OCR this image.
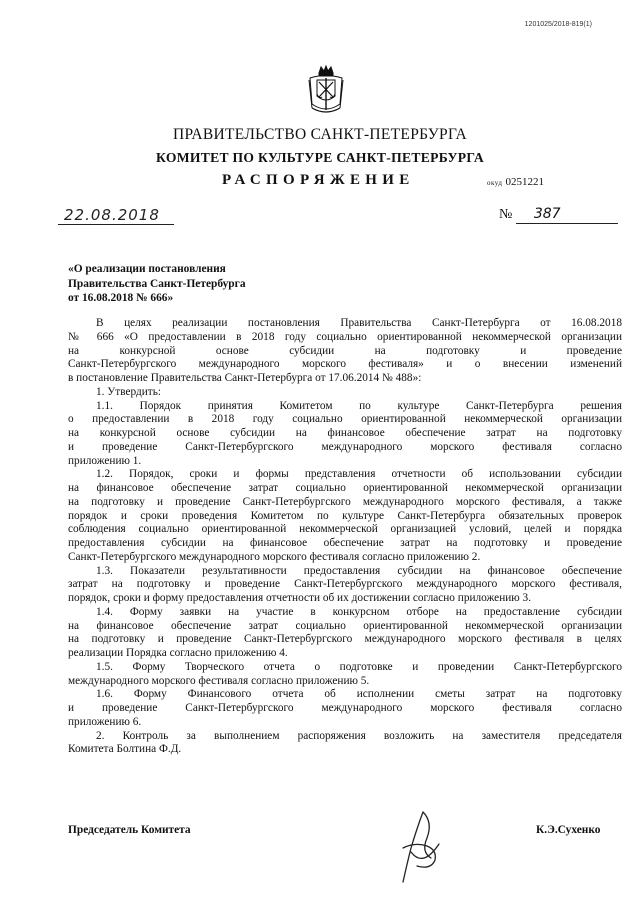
1201025/2018-819(1)
ПРАВИТЕЛЬСТВО САНКТ-ПЕТЕРБУРГА
КОМИТЕТ ПО КУЛЬТУРЕ САНКТ-ПЕТЕРБУРГА
РАСПОРЯЖЕНИЕ	окуд 0251221
22.08.2018	№ 387
«О реализации постановления
Правительства Санкт-Петербурга
от 16.08.2018 № 666»
В целях реализации постановления Правительства Санкт-Петербурга от 16.08.2018
№ 666 «О предоставлении в 2018 году социально ориентированной некоммерческой организации
на конкурсной основе субсидии на подготовку и проведение
Санкт-Петербургского международного морского фестиваля» и о внесении изменений
в постановление Правительства Санкт-Петербурга от 17.06.2014 № 488»:
1. Утвердить:
1.1. Порядок принятия Комитетом по культуре Санкт-Петербурга решения
о предоставлении в 2018 году социально ориентированной некоммерческой организации
на конкурсной основе субсидии на финансовое обеспечение затрат на подготовку
и проведение Санкт-Петербургского международного морского фестиваля согласно
приложению 1.
1.2. Порядок, сроки и формы представления отчетности об использовании субсидии
на финансовое обеспечение затрат социально ориентированной некоммерческой организации
на подготовку и проведение Санкт-Петербургского международного морского фестиваля, а также
порядок и сроки проведения Комитетом по культуре Санкт-Петербурга обязательных проверок
соблюдения социально ориентированной некоммерческой организацией условий, целей и порядка
предоставления субсидии на финансовое обеспечение затрат на подготовку и проведение
Санкт-Петербургского международного морского фестиваля согласно приложению 2.
1.3. Показатели результативности предоставления субсидии на финансовое обеспечение
затрат на подготовку и проведение Санкт-Петербургского международного морского фестиваля,
порядок, сроки и форму предоставления отчетности об их достижении согласно приложению 3.
1.4. Форму заявки на участие в конкурсном отборе на предоставление субсидии
на финансовое обеспечение затрат социально ориентированной некоммерческой организации
на подготовку и проведение Санкт-Петербургского международного морского фестиваля в целях
реализации Порядка согласно приложению 4.
1.5. Форму Творческого отчета о подготовке и проведении Санкт-Петербургского
международного морского фестиваля согласно приложению 5.
1.6. Форму Финансового отчета об исполнении сметы затрат на подготовку
и проведение Санкт-Петербургского международного морского фестиваля согласно
приложению 6.
2. Контроль за выполнением распоряжения возложить на заместителя председателя
Комитета Болтина Ф.Д.
Председатель Комитета	К.Э.Сухенко
